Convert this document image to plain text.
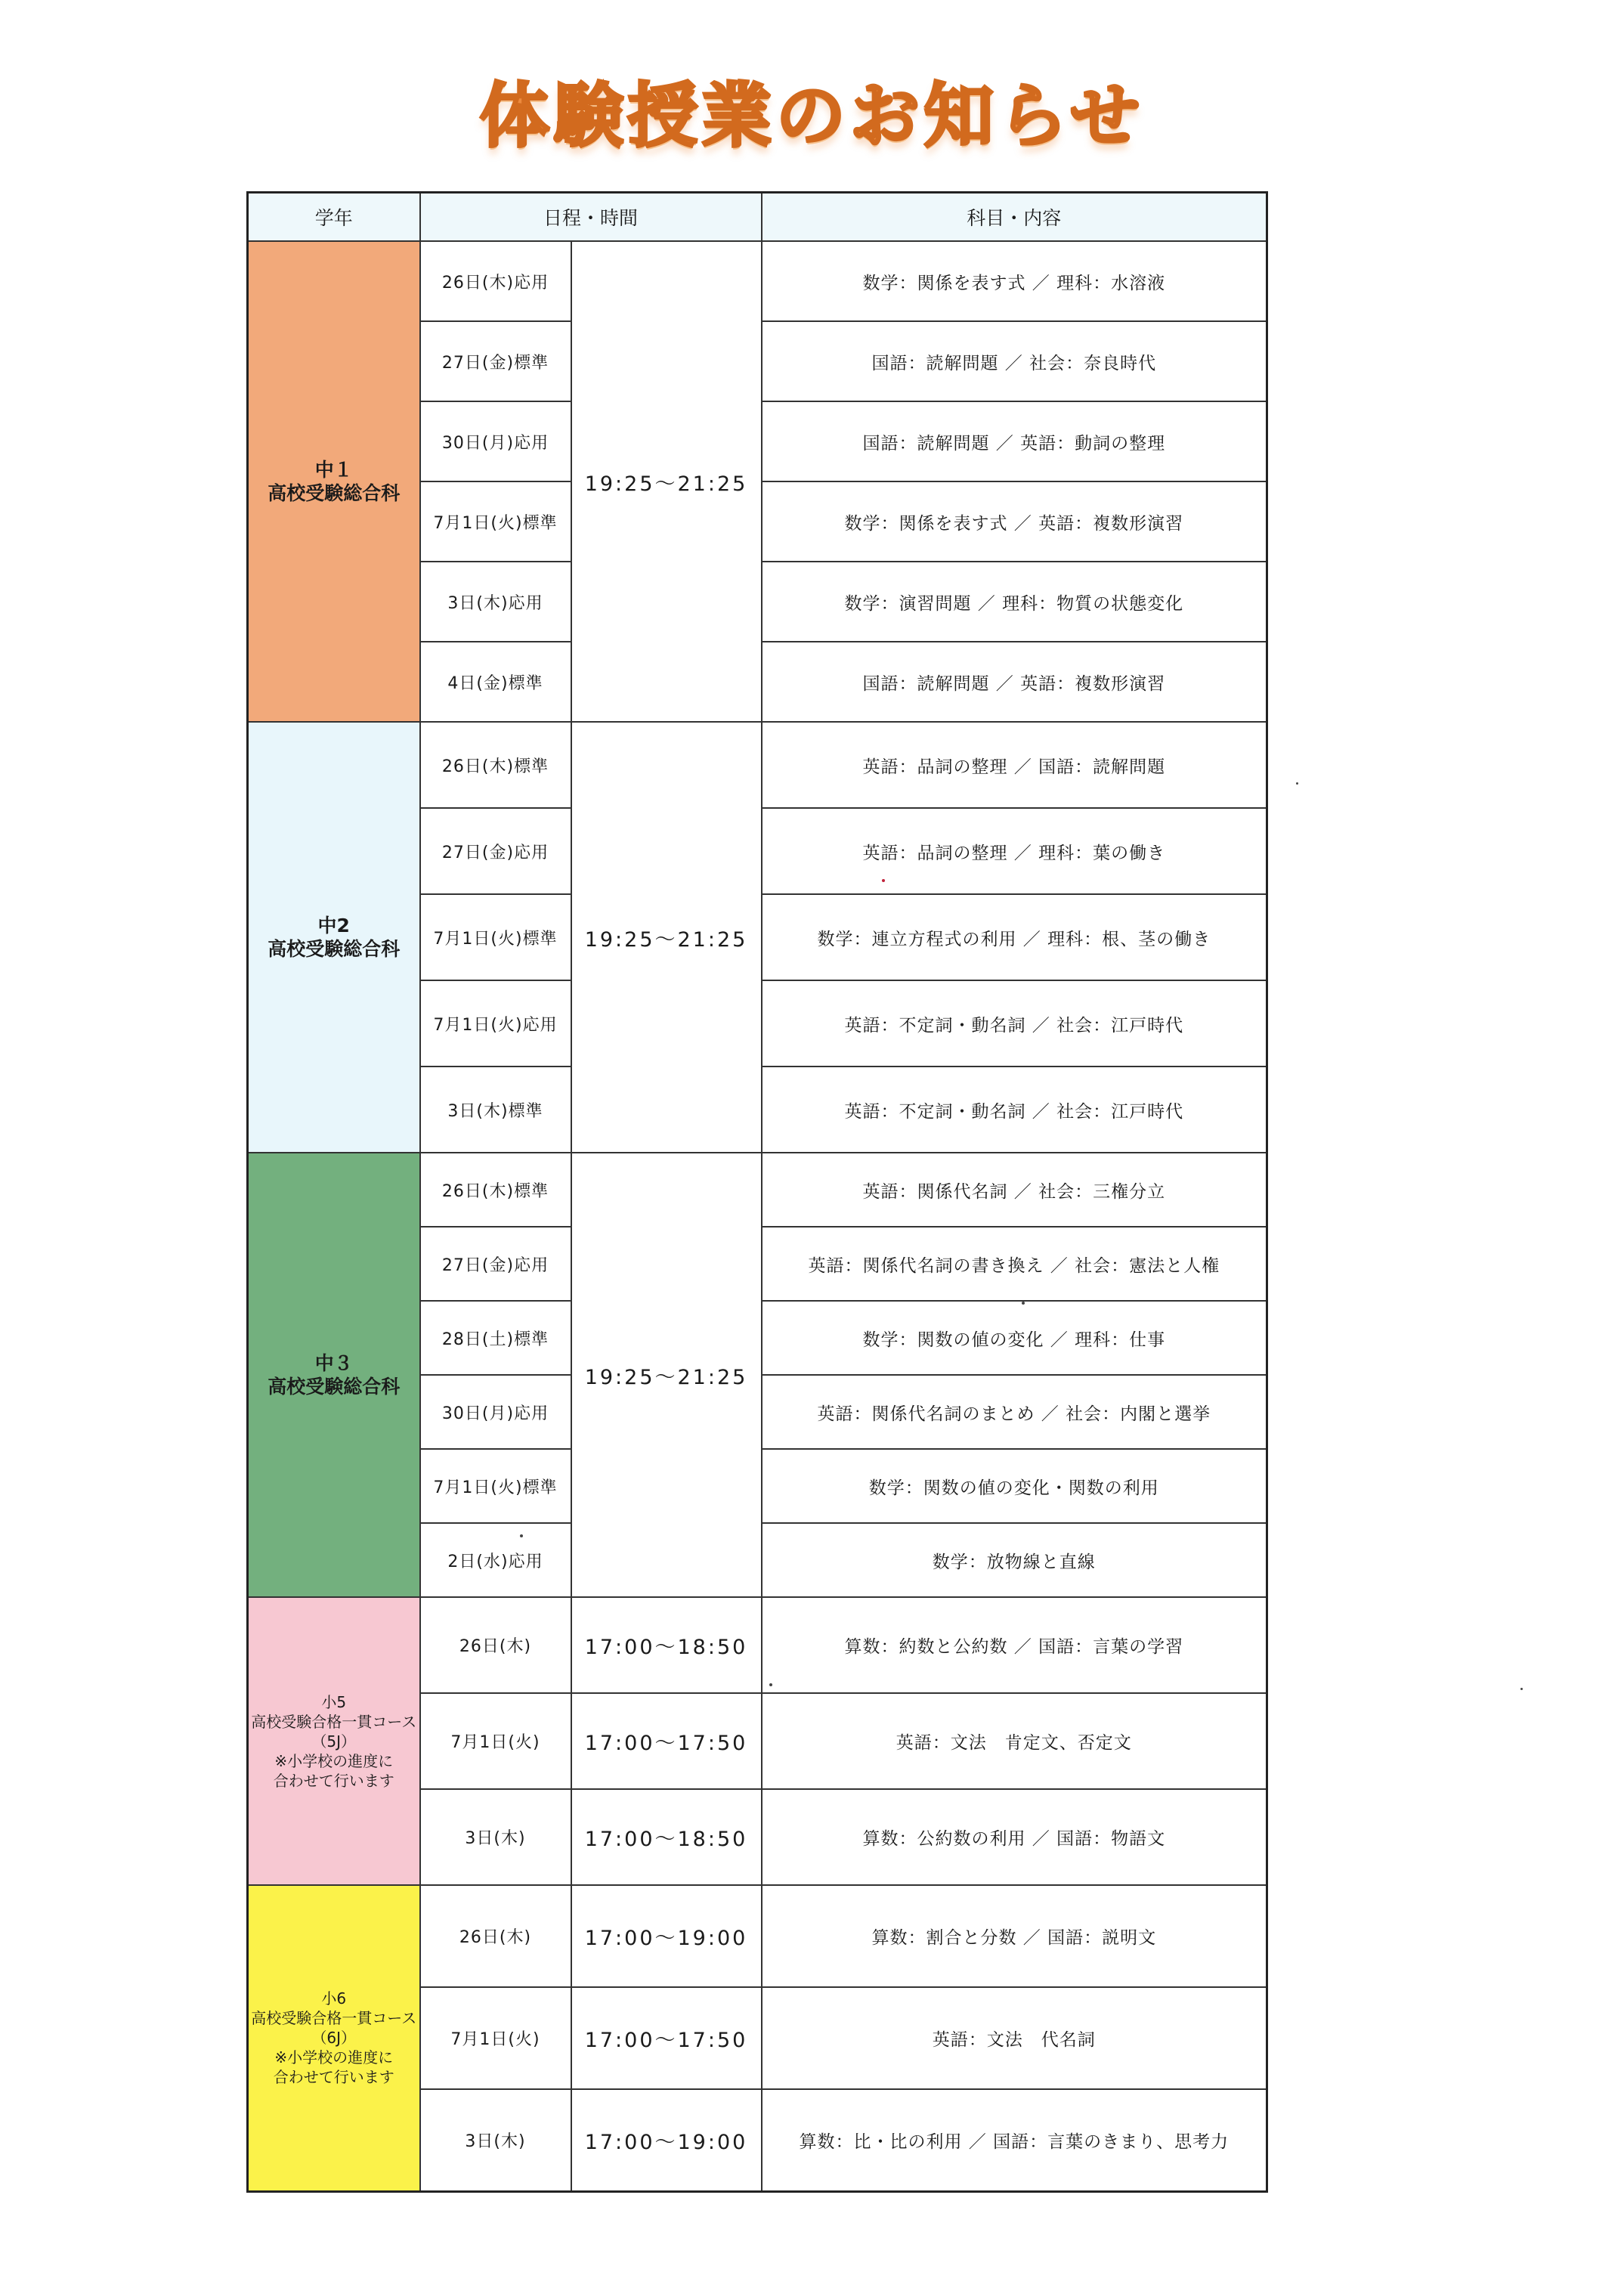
体験授業のお知らせ
学年	日程・時間		科目・内容

中１
高校受験総合科	26日(木)応用	19:25～21:25	数学：関係を表す式 ／ 理科：水溶液
	27日(金)標準		国語：読解問題 ／ 社会：奈良時代
	30日(月)応用		国語：読解問題 ／ 英語：動詞の整理
	7月1日(火)標準		数学：関係を表す式 ／ 英語：複数形演習
	3日(木)応用		数学：演習問題 ／ 理科：物質の状態変化
	4日(金)標準		国語：読解問題 ／ 英語：複数形演習

中2
高校受験総合科	26日(木)標準	19:25～21:25	英語：品詞の整理 ／ 国語：読解問題
	27日(金)応用		英語：品詞の整理 ／ 理科：葉の働き
	7月1日(火)標準		数学：連立方程式の利用 ／ 理科：根、茎の働き
	7月1日(火)応用		英語：不定詞・動名詞 ／ 社会：江戸時代
	3日(木)標準		英語：不定詞・動名詞 ／ 社会：江戸時代

中３
高校受験総合科	26日(木)標準	19:25～21:25	英語：関係代名詞 ／ 社会：三権分立
	27日(金)応用		英語：関係代名詞の書き換え ／ 社会：憲法と人権
	28日(土)標準		数学：関数の値の変化 ／ 理科：仕事
	30日(月)応用		英語：関係代名詞のまとめ ／ 社会：内閣と選挙
	7月1日(火)標準		数学：関数の値の変化・関数の利用
	2日(水)応用		数学：放物線と直線

小5
高校受験合格一貫コース
（5J）
※小学校の進度に
合わせて行います	26日(木)	17:00～18:50	算数：約数と公約数 ／ 国語：言葉の学習
	7月1日(火)	17:00～17:50	英語：文法　肯定文、否定文
	3日(木)	17:00～18:50	算数：公約数の利用 ／ 国語：物語文

小6
高校受験合格一貫コース
（6J）
※小学校の進度に
合わせて行います	26日(木)	17:00～19:00	算数：割合と分数 ／ 国語：説明文
	7月1日(火)	17:00～17:50	英語：文法　代名詞
	3日(木)	17:00～19:00	算数：比・比の利用 ／ 国語：言葉のきまり、思考力
